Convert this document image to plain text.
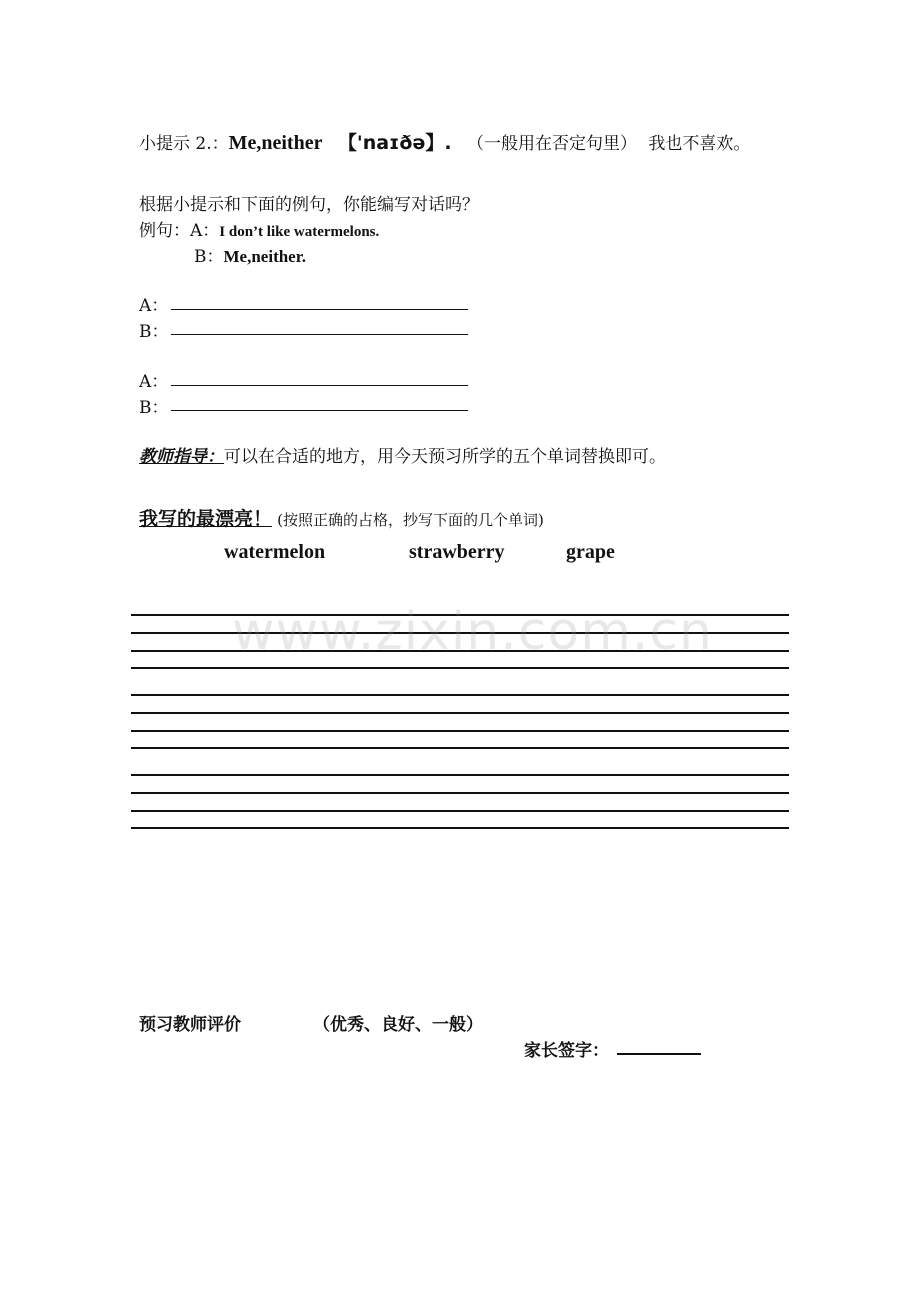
小提示 2.：Me,neither 【'naɪðə】. （一般用在否定句里） 我也不喜欢。
根据小提示和下面的例句，你能编写对话吗？
例句：A：I don’t like watermelons.
B：Me,neither.
A：
B：
A：
B：
教师指导：可以在合适的地方，用今天预习所学的五个单词替换即可。
我写的最漂亮！ (按照正确的占格，抄写下面的几个单词)
watermelon	strawberry	grape
www.zixin.com.cn
预习教师评价	（优秀、良好、一般）
家长签字：
